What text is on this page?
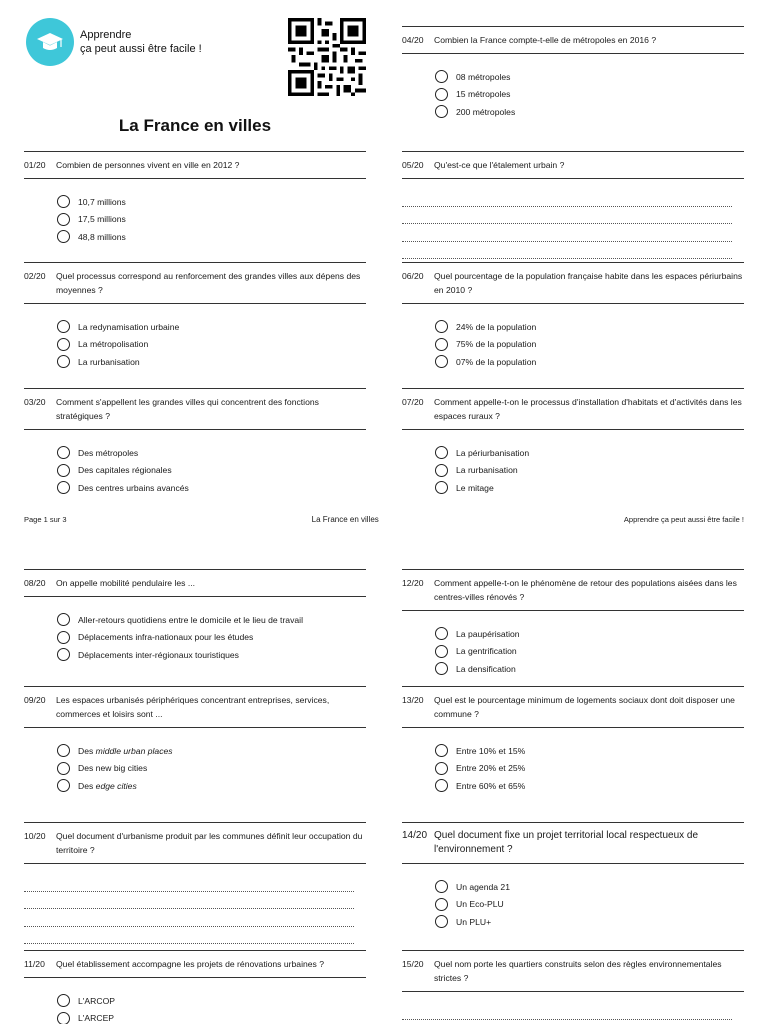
Apprendre
ça peut aussi être facile !
La France en villes
Page 1 sur 3	La France en villes	Apprendre ça peut aussi être facile !
01/20	Combien de personnes vivent en ville en 2012 ?
10,7 millions
17,5 millions
48,8 millions
02/20	Quel processus correspond au renforcement des grandes villes aux dépens des moyennes ?
La redynamisation urbaine
La métropolisation
La rurbanisation
03/20	Comment s'appellent les grandes villes qui concentrent des fonctions stratégiques ?
Des métropoles
Des capitales régionales
Des centres urbains avancés
04/20	Combien la France compte-t-elle de métropoles en 2016 ?
08 métropoles
15 métropoles
200 métropoles
05/20	Qu'est-ce que l'étalement urbain ?
06/20	Quel pourcentage de la population française habite dans les espaces périurbains en 2010 ?
24% de la population
75% de la population
07% de la population
07/20	Comment appelle-t-on le processus d'installation d'habitats et d'activités dans les espaces ruraux ?
La périurbanisation
La rurbanisation
Le mitage
08/20	On appelle mobilité pendulaire les ...
Aller-retours quotidiens entre le domicile et le lieu de travail
Déplacements infra-nationaux pour les études
Déplacements inter-régionaux touristiques
09/20	Les espaces urbanisés périphériques concentrant entreprises, services, commerces et loisirs sont ...
Des middle urban places
Des new big cities
Des edge cities
10/20	Quel document d'urbanisme produit par les communes définit leur occupation du territoire ?
11/20	Quel établissement accompagne les projets de rénovations urbaines ?
L'ARCOP
L'ARCEP
12/20	Comment appelle-t-on le phénomène de retour des populations aisées dans les centres-villes rénovés ?
La paupérisation
La gentrification
La densification
13/20	Quel est le pourcentage minimum de logements sociaux dont doit disposer une commune ?
Entre 10% et 15%
Entre 20% et 25%
Entre 60% et 65%
14/20 Quel document fixe un projet territorial local respectueux de l'environnement ?
Un agenda 21
Un Eco-PLU
Un PLU+
15/20	Quel nom porte les quartiers construits selon des règles environnementales strictes ?
